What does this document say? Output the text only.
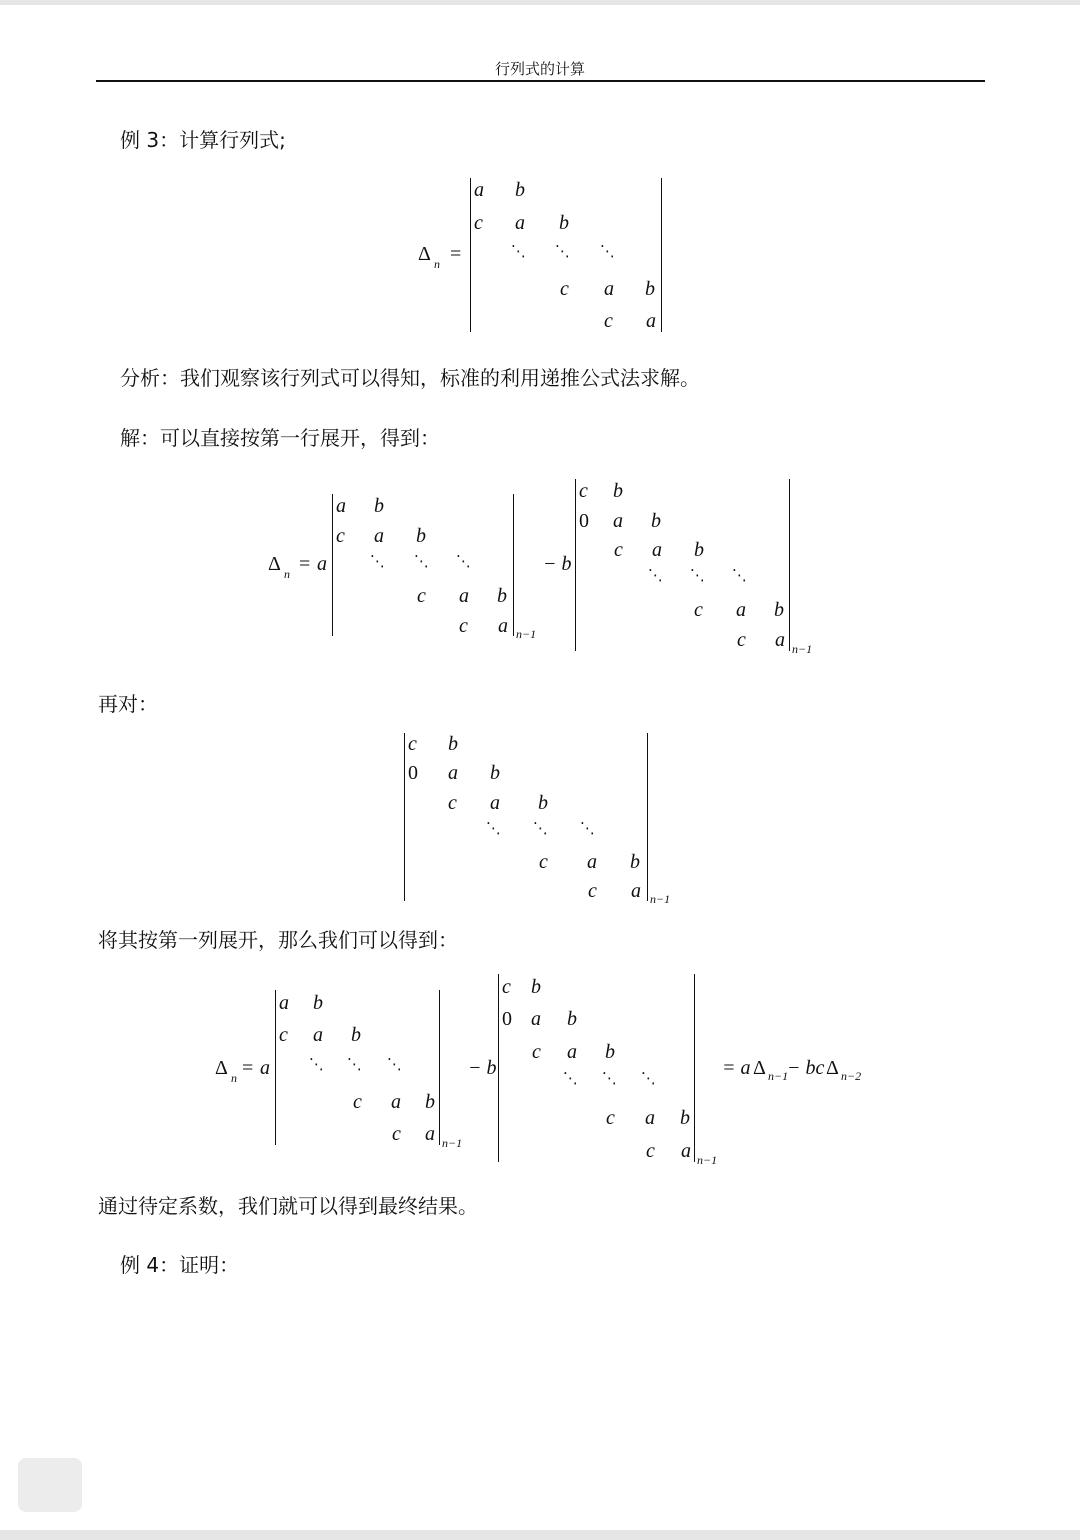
行列式的计算
例 3：计算行列式;
Δ n =
a b
c a b
⋱ ⋱ ⋱
c a b
c a
分析：我们观察该行列式可以得知，标准的利用递推公式法求解。
解：可以直接按第一行展开，得到：
Δ n = a
a b
c a b
⋱ ⋱ ⋱
c a b
c a n−1
− b
c b
0 a b
c a b
⋱ ⋱ ⋱
c a b
c a n−1
再对：
c b
0 a b
c a b
⋱ ⋱ ⋱
c a b
c a n−1
将其按第一列展开，那么我们可以得到：
Δ n = a
a b
c a b
⋱ ⋱ ⋱
c a b
c a n−1
− b
c b
0 a b
c a b
⋱ ⋱ ⋱
c a b
c a n−1
= a Δ n−1
− bc Δ n−2
通过待定系数，我们就可以得到最终结果。
例 4：证明：
